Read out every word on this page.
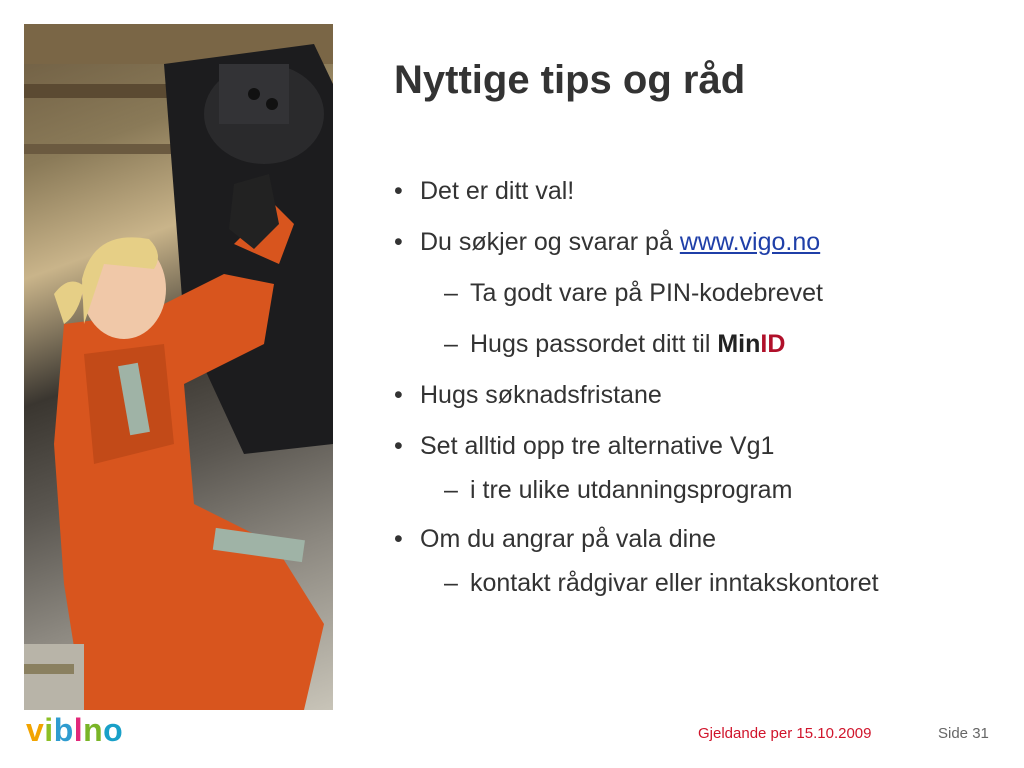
Nyttige tips og råd
• Det er ditt val!
• Du søkjer og svarar på www.vigo.no
– Ta godt vare på PIN-kodebrevet
– Hugs passordet ditt til MinID
• Hugs søknadsfristane
• Set alltid opp tre alternative Vg1
– i tre ulike utdanningsprogram
• Om du angrar på vala dine
– kontakt rådgivar eller inntakskontoret
viblno	Gjeldande per 15.10.2009	Side 31
